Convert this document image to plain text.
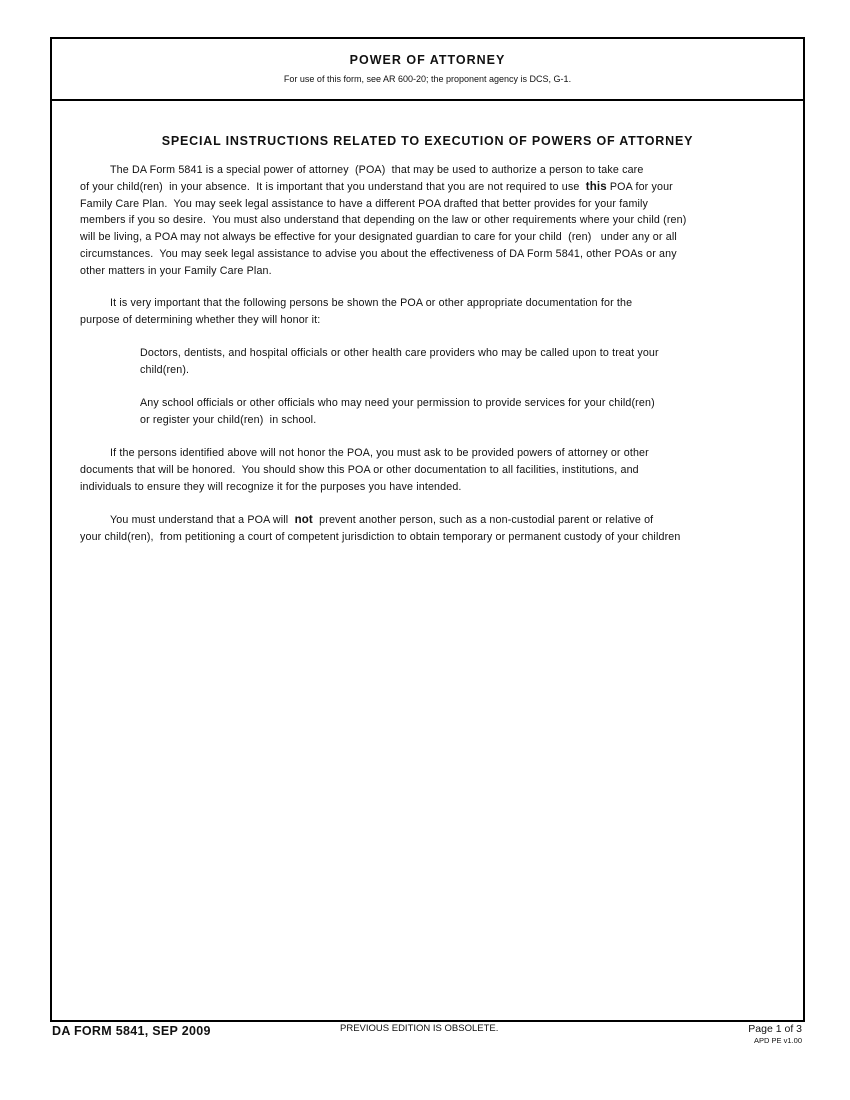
POWER OF ATTORNEY
For use of this form, see AR 600-20; the proponent agency is DCS, G-1.
SPECIAL INSTRUCTIONS RELATED TO EXECUTION OF POWERS OF ATTORNEY
The DA Form 5841 is a special power of attorney  (POA)  that may be used to authorize a person to take care
of your child(ren)  in your absence.  It is important that you understand that you are not required to use  this POA for your
Family Care Plan.  You may seek legal assistance to have a different POA drafted that better provides for your family
members if you so desire.  You must also understand that depending on the law or other requirements where your child (ren)
will be living, a POA may not always be effective for your designated guardian to care for your child  (ren)   under any or all
circumstances.  You may seek legal assistance to advise you about the effectiveness of DA Form 5841, other POAs or any
other matters in your Family Care Plan.
It is very important that the following persons be shown the POA or other appropriate documentation for the
purpose of determining whether they will honor it:
Doctors, dentists, and hospital officials or other health care providers who may be called upon to treat your
child(ren).
Any school officials or other officials who may need your permission to provide services for your child(ren)
or register your child(ren)  in school.
If the persons identified above will not honor the POA, you must ask to be provided powers of attorney or other
documents that will be honored.  You should show this POA or other documentation to all facilities, institutions, and
individuals to ensure they will recognize it for the purposes you have intended.
You must understand that a POA will  not  prevent another person, such as a non-custodial parent or relative of
your child(ren),  from petitioning a court of competent jurisdiction to obtain temporary or permanent custody of your children
DA FORM 5841, SEP 2009	PREVIOUS EDITION IS OBSOLETE.	Page 1 of 3
APD PE v1.00
